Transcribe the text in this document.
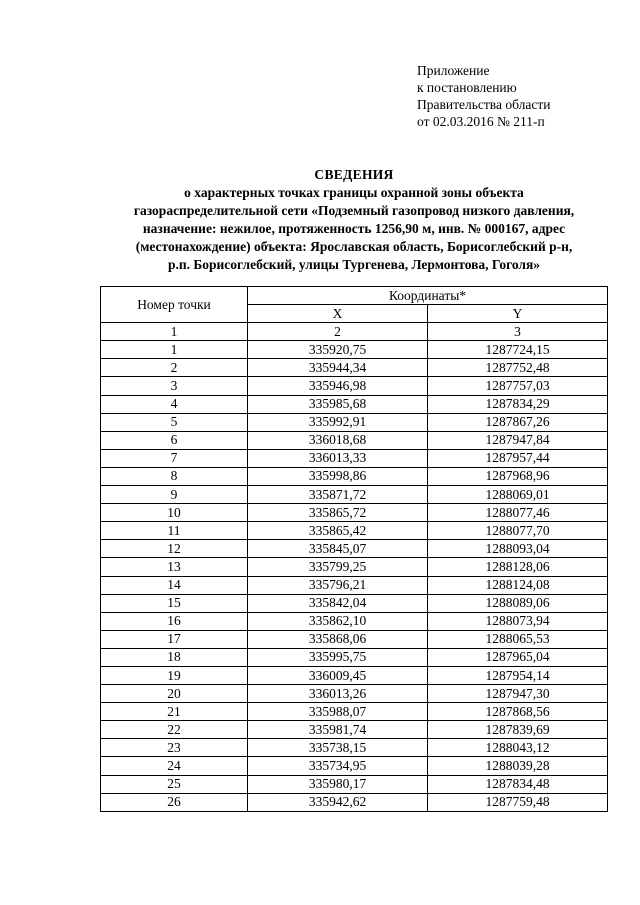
Приложение
к постановлению
Правительства области
от 02.03.2016 № 211-п
СВЕДЕНИЯ
о характерных точках границы охранной зоны объекта
газораспределительной сети «Подземный газопровод низкого давления,
назначение: нежилое, протяженность 1256,90 м, инв. № 000167, адрес
(местонахождение) объекта: Ярославская область, Борисоглебский р-н,
р.п. Борисоглебский, улицы Тургенева, Лермонтова, Гоголя»
Номер точки	Координаты*	
	X	Y
1	2	3
1	335920,75	1287724,15
2	335944,34	1287752,48
3	335946,98	1287757,03
4	335985,68	1287834,29
5	335992,91	1287867,26
6	336018,68	1287947,84
7	336013,33	1287957,44
8	335998,86	1287968,96
9	335871,72	1288069,01
10	335865,72	1288077,46
11	335865,42	1288077,70
12	335845,07	1288093,04
13	335799,25	1288128,06
14	335796,21	1288124,08
15	335842,04	1288089,06
16	335862,10	1288073,94
17	335868,06	1288065,53
18	335995,75	1287965,04
19	336009,45	1287954,14
20	336013,26	1287947,30
21	335988,07	1287868,56
22	335981,74	1287839,69
23	335738,15	1288043,12
24	335734,95	1288039,28
25	335980,17	1287834,48
26	335942,62	1287759,48
